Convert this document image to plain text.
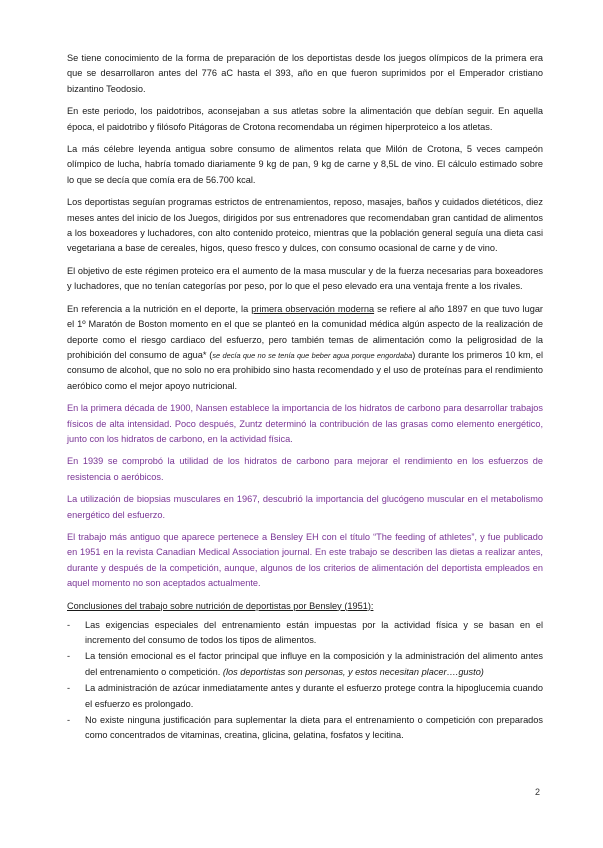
Se tiene conocimiento de la forma de preparación de los deportistas desde los juegos olímpicos de la primera era que se desarrollaron antes del 776 aC hasta el 393, año en que fueron suprimidos por el Emperador cristiano bizantino Teodosio.

En este periodo, los paidotribos, aconsejaban a sus atletas sobre la alimentación que debían seguir. En aquella época, el paidotribo y filósofo Pitágoras de Crotona recomendaba un régimen hiperproteico a los atletas.

La más célebre leyenda antigua sobre consumo de alimentos relata que Milón de Crotona, 5 veces campeón olímpico de lucha, habría tomado diariamente 9 kg de pan, 9 kg de carne y 8,5L de vino. El cálculo estimado sobre lo que se decía que comía era de 56.700 kcal.

Los deportistas seguían programas estrictos de entrenamientos, reposo, masajes, baños y cuidados dietéticos, diez meses antes del inicio de los Juegos, dirigidos por sus entrenadores que recomendaban gran cantidad de alimentos a los boxeadores y luchadores, con alto contenido proteico, mientras que la población general seguía una dieta casi vegetariana a base de cereales, higos, queso fresco y dulces, con consumo ocasional de carne y de vino.

El objetivo de este régimen proteico era el aumento de la masa muscular y de la fuerza necesarias para boxeadores y luchadores, que no tenían categorías por peso, por lo que el peso elevado era una ventaja frente a los rivales.

En referencia a la nutrición en el deporte, la primera observación moderna se refiere al año 1897 en que tuvo lugar el 1º Maratón de Boston momento en el que se planteó en la comunidad médica algún aspecto de la realización de deporte como el riesgo cardiaco del esfuerzo, pero también temas de alimentación como la peligrosidad de la prohibición del consumo de agua* (se decía que no se tenía que beber agua porque engordaba) durante los primeros 10 km, el consumo de alcohol, que no solo no era prohibido sino hasta recomendado y el uso de proteínas para el rendimiento aeróbico como el mejor apoyo nutricional.

En la primera década de 1900, Nansen establece la importancia de los hidratos de carbono para desarrollar trabajos físicos de alta intensidad. Poco después, Zuntz determinó la contribución de las grasas como elemento energético, junto con los hidratos de carbono, en la actividad física.

En 1939 se comprobó la utilidad de los hidratos de carbono para mejorar el rendimiento en los esfuerzos de resistencia o aeróbicos.

La utilización de biopsias musculares en 1967, descubrió la importancia del glucógeno muscular en el metabolismo energético del esfuerzo.

El trabajo más antiguo que aparece pertenece a Bensley EH con el título “The feeding of athletes”, y fue publicado en 1951 en la revista Canadian Medical Association journal. En este trabajo se describen las dietas a realizar antes, durante y después de la competición, aunque, algunos de los criterios de alimentación del deportista empleados en aquel momento no son aceptados actualmente.

Conclusiones del trabajo sobre nutrición de deportistas por Bensley (1951):
- Las exigencias especiales del entrenamiento están impuestas por la actividad física y se basan en el incremento del consumo de todos los tipos de alimentos.
- La tensión emocional es el factor principal que influye en la composición y la administración del alimento antes del entrenamiento o competición. (los deportistas son personas, y estos necesitan placer….gusto)
- La administración de azúcar inmediatamente antes y durante el esfuerzo protege contra la hipoglucemia cuando el esfuerzo es prolongado.
- No existe ninguna justificación para suplementar la dieta para el entrenamiento o competición con preparados como concentrados de vitaminas, creatina, glicina, gelatina, fosfatos y lecitina.
2
